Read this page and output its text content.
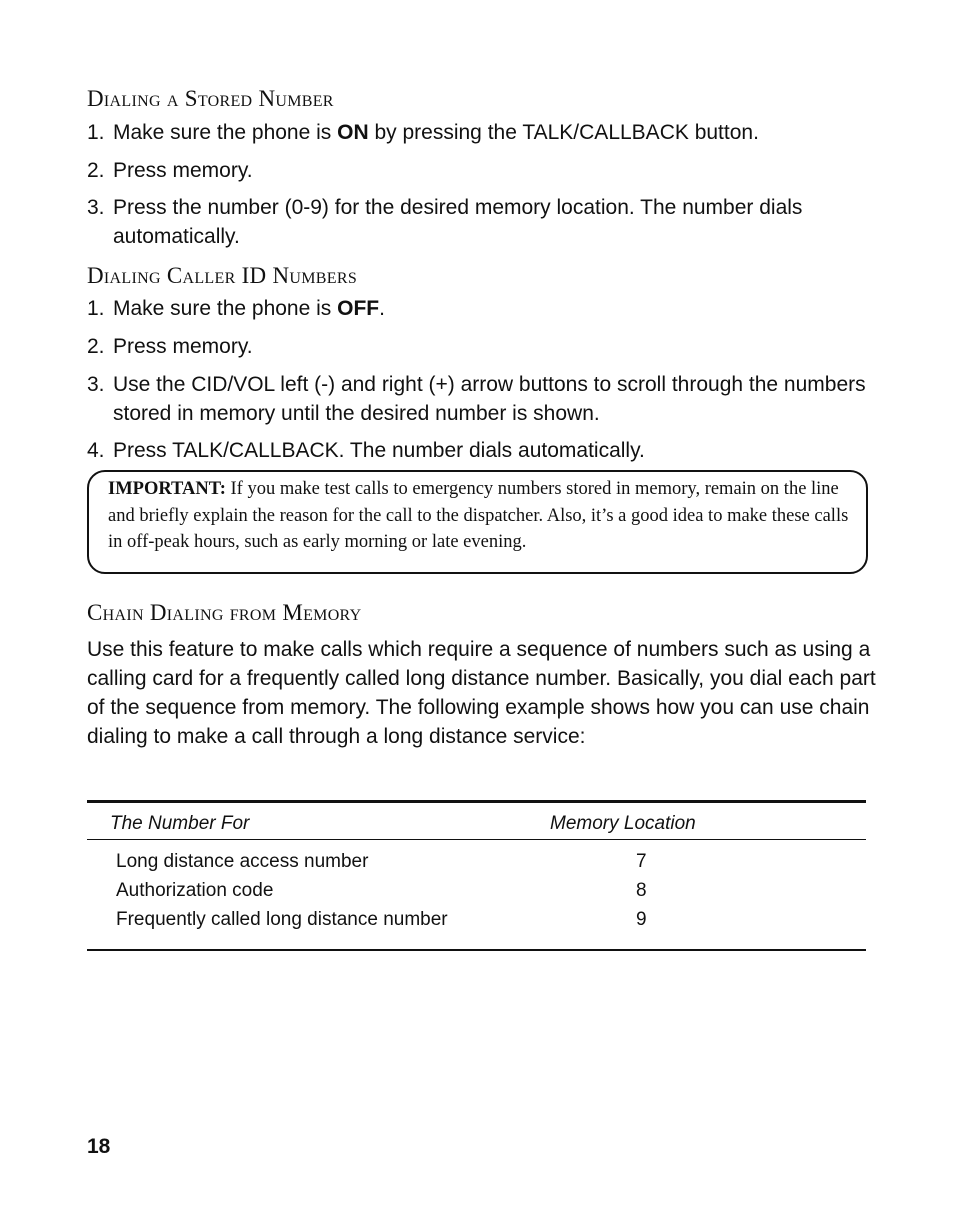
Dialing a Stored Number
1. Make sure the phone is ON by pressing the TALK/CALLBACK button.
2. Press memory.
3. Press the number (0-9) for the desired memory location. The number dials automatically.
Dialing Caller ID Numbers
1. Make sure the phone is OFF.
2. Press memory.
3. Use the CID/VOL left (-) and right (+) arrow buttons to scroll through the numbers stored in memory until the desired number is shown.
4. Press TALK/CALLBACK. The number dials automatically.
IMPORTANT: If you make test calls to emergency numbers stored in memory, remain on the line and briefly explain the reason for the call to the dispatcher. Also, it’s a good idea to make these calls in off-peak hours, such as early morning or late evening.
Chain Dialing from Memory

Use this feature to make calls which require a sequence of numbers such as using a calling card for a frequently called long distance number. Basically, you dial each part of the sequence from memory. The following example shows how you can use chain dialing to make a call through a long distance service:

The Number For	Memory Location
Long distance access number	7
Authorization code	8
Frequently called long distance number	9
18
